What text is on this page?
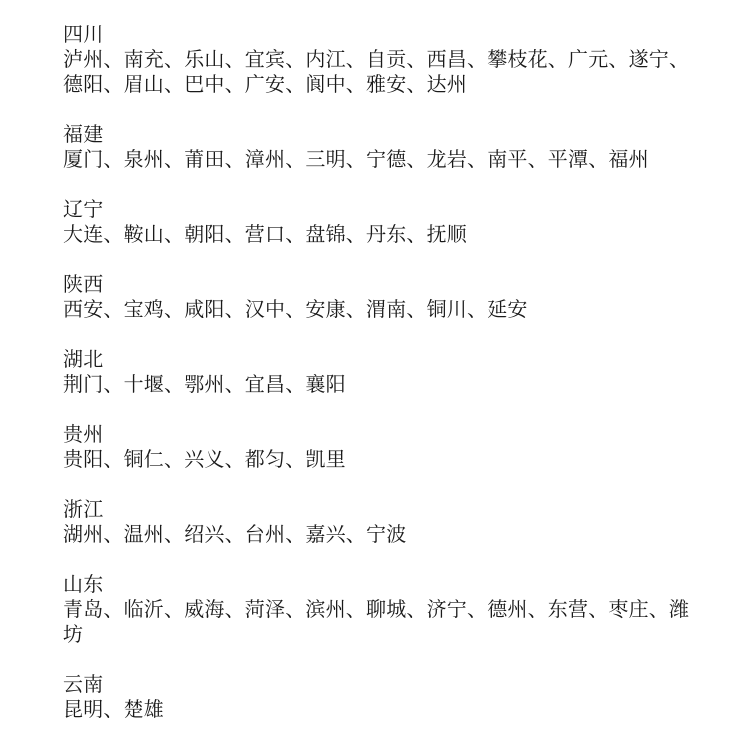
四川
泸州、南充、乐山、宜宾、内江、自贡、西昌、攀枝花、广元、遂宁、德阳、眉山、巴中、广安、阆中、雅安、达州
福建
厦门、泉州、莆田、漳州、三明、宁德、龙岩、南平、平潭、福州
辽宁
大连、鞍山、朝阳、营口、盘锦、丹东、抚顺
陕西
西安、宝鸡、咸阳、汉中、安康、渭南、铜川、延安
湖北
荆门、十堰、鄂州、宜昌、襄阳
贵州
贵阳、铜仁、兴义、都匀、凯里
浙江
湖州、温州、绍兴、台州、嘉兴、宁波
山东
青岛、临沂、威海、菏泽、滨州、聊城、济宁、德州、东营、枣庄、潍坊
云南
昆明、楚雄
